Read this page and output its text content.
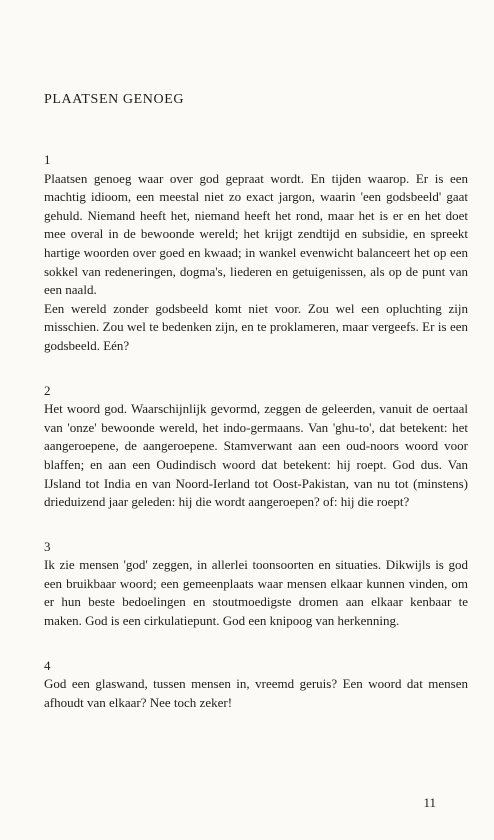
PLAATSEN GENOEG

1

Plaatsen genoeg waar over god gepraat wordt. En tijden waarop. Er is een machtig idioom, een meestal niet zo exact jargon, waarin 'een godsbeeld' gaat gehuld. Niemand heeft het, niemand heeft het rond, maar het is er en het doet mee overal in de bewoonde wereld; het krijgt zendtijd en subsidie, en spreekt hartige woorden over goed en kwaad; in wankel evenwicht balanceert het op een sokkel van redeneringen, dogma's, liederen en getuigenissen, als op de punt van een naald.

Een wereld zonder godsbeeld komt niet voor. Zou wel een opluchting zijn misschien. Zou wel te bedenken zijn, en te proklameren, maar vergeefs. Er is een godsbeeld. Eén?

2

Het woord god. Waarschijnlijk gevormd, zeggen de geleerden, vanuit de oertaal van 'onze' bewoonde wereld, het indo-germaans. Van 'ghu-to', dat betekent: het aangeroepene, de aangeroepene. Stamverwant aan een oud-noors woord voor blaffen; en aan een Oudindisch woord dat betekent: hij roept. God dus. Van IJsland tot India en van Noord-Ierland tot Oost-Pakistan, van nu tot (minstens) drieduizend jaar geleden: hij die wordt aangeroepen? of: hij die roept?

3

Ik zie mensen 'god' zeggen, in allerlei toonsoorten en situaties. Dikwijls is god een bruikbaar woord; een gemeenplaats waar mensen elkaar kunnen vinden, om er hun beste bedoelingen en stoutmoedigste dromen aan elkaar kenbaar te maken. God is een cirkulatiepunt. God een knipoog van herkenning.

4

God een glaswand, tussen mensen in, vreemd geruis? Een woord dat mensen afhoudt van elkaar? Nee toch zeker!

11
